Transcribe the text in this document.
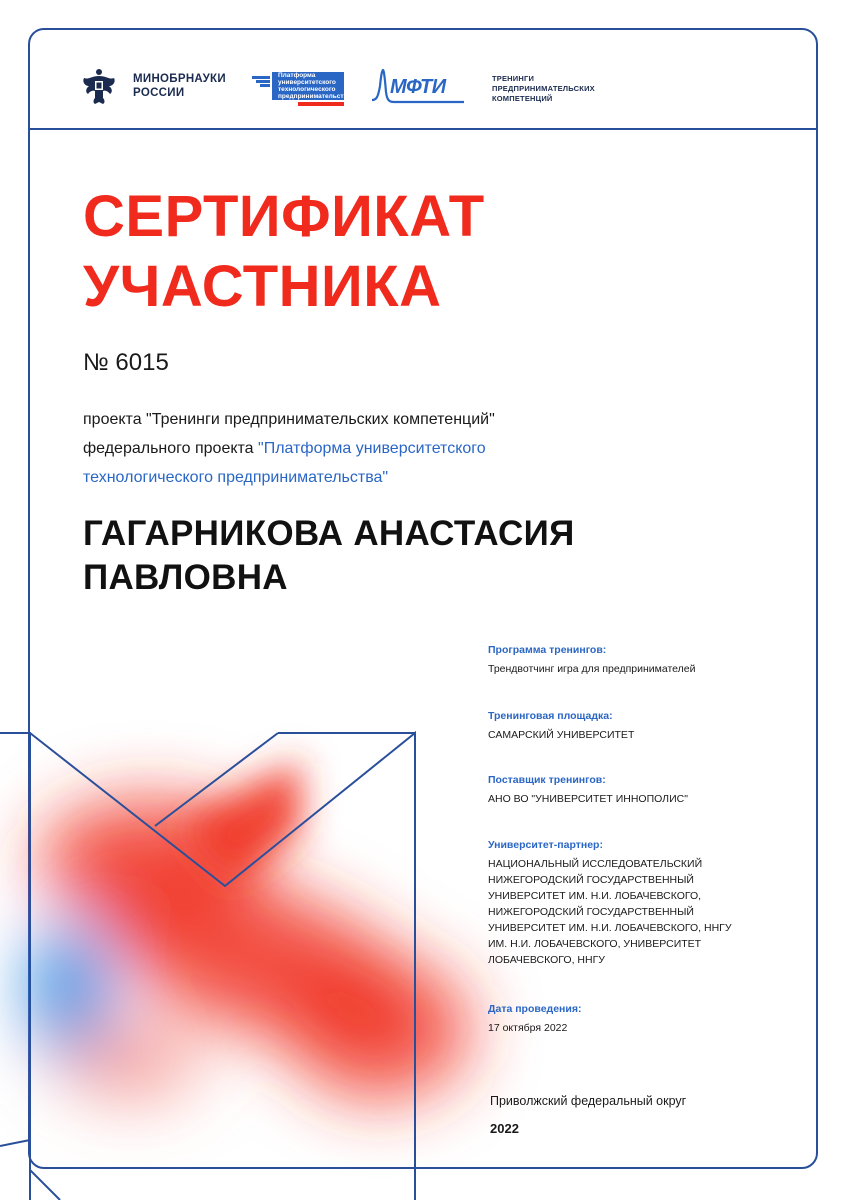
МИНОБРНАУКИ
РОССИИ
Платформа
университетского
технологического
предпринимательства МФТИ	ТРЕНИНГИ
ПРЕДПРИНИМАТЕЛЬСКИХ
КОМПЕТЕНЦИЙ
СЕРТИФИКАТ
УЧАСТНИКА
№ 6015
проекта "Тренинги предпринимательских компетенций"
федерального проекта "Платформа университетского
технологического предпринимательства"
ГАГАРНИКОВА АНАСТАСИЯ
ПАВЛОВНА
Программа тренингов:
Трендвотчинг игра для предпринимателей
Тренинговая площадка:
САМАРСКИЙ УНИВЕРСИТЕТ
Поставщик тренингов:
АНО ВО "УНИВЕРСИТЕТ ИННОПОЛИС"
Университет-партнер:
НАЦИОНАЛЬНЫЙ ИССЛЕДОВАТЕЛЬСКИЙ
НИЖЕГОРОДСКИЙ ГОСУДАРСТВЕННЫЙ
УНИВЕРСИТЕТ ИМ. Н.И. ЛОБАЧЕВСКОГО,
НИЖЕГОРОДСКИЙ ГОСУДАРСТВЕННЫЙ
УНИВЕРСИТЕТ ИМ. Н.И. ЛОБАЧЕВСКОГО, ННГУ
ИМ. Н.И. ЛОБАЧЕВСКОГО, УНИВЕРСИТЕТ
ЛОБАЧЕВСКОГО, ННГУ
Дата проведения:
17 октября 2022
Приволжский федеральный округ
2022
